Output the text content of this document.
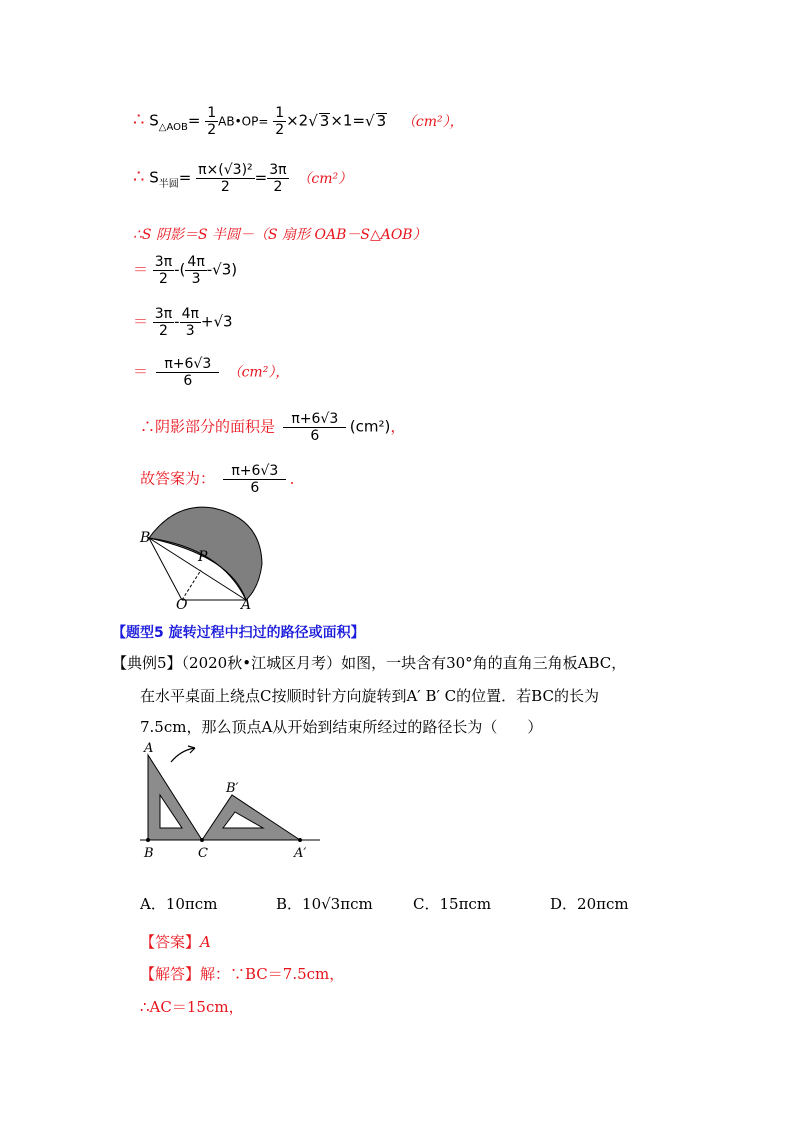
∴ $S_{\triangle AOB}= \frac{1}{2}$ AB•OP= $\frac{1}{2} \times 2√$ 3×1=√ 3 （cm²），
∴ $S_{半圆}= \frac{\text{π×(√3)²}}{2} = \frac{3\pi}{2} (cm^2)$
∴S 阴影＝S 半圆－（S 扇形 OAB－S△AOB）
＝ $\frac{3\pi}{2}$ -( $\frac{4\pi}{3} -√3$)
＝ $\frac{3\pi}{2} - \frac{4\pi}{3} +√3$
＝ $\frac{\pi+6√3}{6} (cm^2)$，
∴阴影部分的面积是 $\frac{\pi+6√3}{6} (cm^2)$，
故答案为： $\frac{\pi+6√3}{6}$ ．
B
P
O	A
【题型5 旋转过程中扫过的路径或面积】
【典例5】（2020秋•江城区月考）如图，一块含有30°角的直角三角板ABC，
在水平桌面上绕点C按顺时针方向旋转到A′ B′ C的位置．若BC的长为
7.5cm，那么顶点A从开始到结束所经过的路径长为（　　）
A
B′
B	C	A′
A．10πcm	B．10√3πcm	C．15πcm	D．20πcm
【答案】A
【解答】解：∵BC＝7.5cm，
∴AC＝15cm，
